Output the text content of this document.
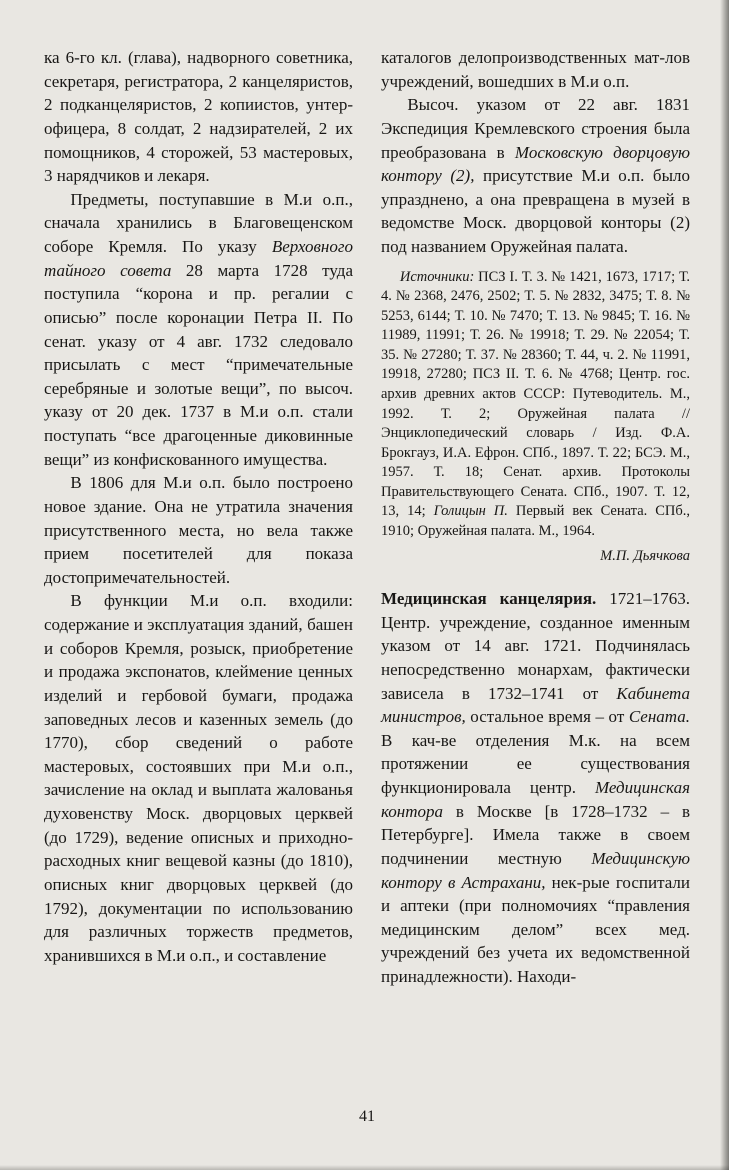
ка 6-го кл. (глава), надворного советника, секретаря, регистратора, 2 канцеляристов, 2 подканцеляристов, 2 копиистов, унтер-офицера, 8 солдат, 2 надзирателей, 2 их помощников, 4 сторожей, 53 мастеровых, 3 нарядчиков и лекаря.

Предметы, поступавшие в М.и о.п., сначала хранились в Благовещенском соборе Кремля. По указу Верховного тайного совета 28 марта 1728 туда поступила “корона и пр. регалии с описью” после коронации Петра II. По сенат. указу от 4 авг. 1732 следовало присылать с мест “примечательные серебряные и золотые вещи”, по высоч. указу от 20 дек. 1737 в М.и о.п. стали поступать “все драгоценные диковинные вещи” из конфискованного имущества.

В 1806 для М.и о.п. было построено новое здание. Она не утратила значения присутственного места, но вела также прием посетителей для показа достопримечательностей.

В функции М.и о.п. входили: содержание и эксплуатация зданий, башен и соборов Кремля, розыск, приобретение и продажа экспонатов, клеймение ценных изделий и гербовой бумаги, продажа заповедных лесов и казенных земель (до 1770), сбор сведений о работе мастеровых, состоявших при М.и о.п., зачисление на оклад и выплата жалованья духовенству Моск. дворцовых церквей (до 1729), ведение описных и приходно-расходных книг вещевой казны (до 1810), описных книг дворцовых церквей (до 1792), документации по использованию для различных торжеств предметов, хранившихся в М.и о.п., и составление

каталогов делопроизводственных мат-лов учреждений, вошедших в М.и о.п.

Высоч. указом от 22 авг. 1831 Экспедиция Кремлевского строения была преобразована в Московскую дворцовую контору (2), присутствие М.и о.п. было упразднено, а она превращена в музей в ведомстве Моск. дворцовой конторы (2) под названием Оружейная палата.

Источники: ПСЗ I. Т. 3. № 1421, 1673, 1717; Т. 4. № 2368, 2476, 2502; Т. 5. № 2832, 3475; Т. 8. № 5253, 6144; Т. 10. № 7470; Т. 13. № 9845; Т. 16. № 11989, 11991; Т. 26. № 19918; Т. 29. № 22054; Т. 35. № 27280; Т. 37. № 28360; Т. 44, ч. 2. № 11991, 19918, 27280; ПСЗ II. Т. 6. № 4768; Центр. гос. архив древних актов СССР: Путеводитель. М., 1992. Т. 2; Оружейная палата // Энциклопедический словарь / Изд. Ф.А. Брокгауз, И.А. Ефрон. СПб., 1897. Т. 22; БСЭ. М., 1957. Т. 18; Сенат. архив. Протоколы Правительствующего Сената. СПб., 1907. Т. 12, 13, 14; Голицын П. Первый век Сената. СПб., 1910; Оружейная палата. М., 1964.

М.П. Дьячкова

Медицинская канцелярия. 1721–1763. Центр. учреждение, созданное именным указом от 14 авг. 1721. Подчинялась непосредственно монархам, фактически зависела в 1732–1741 от Кабинета министров, остальное время – от Сената. В кач-ве отделения М.к. на всем протяжении ее существования функционировала центр. Медицинская контора в Москве [в 1728–1732 – в Петербурге]. Имела также в своем подчинении местную Медицинскую контору в Астрахани, нек-рые госпитали и аптеки (при полномочиях “правления медицинским делом” всех мед. учреждений без учета их ведомственной принадлежности). Находи-

41
